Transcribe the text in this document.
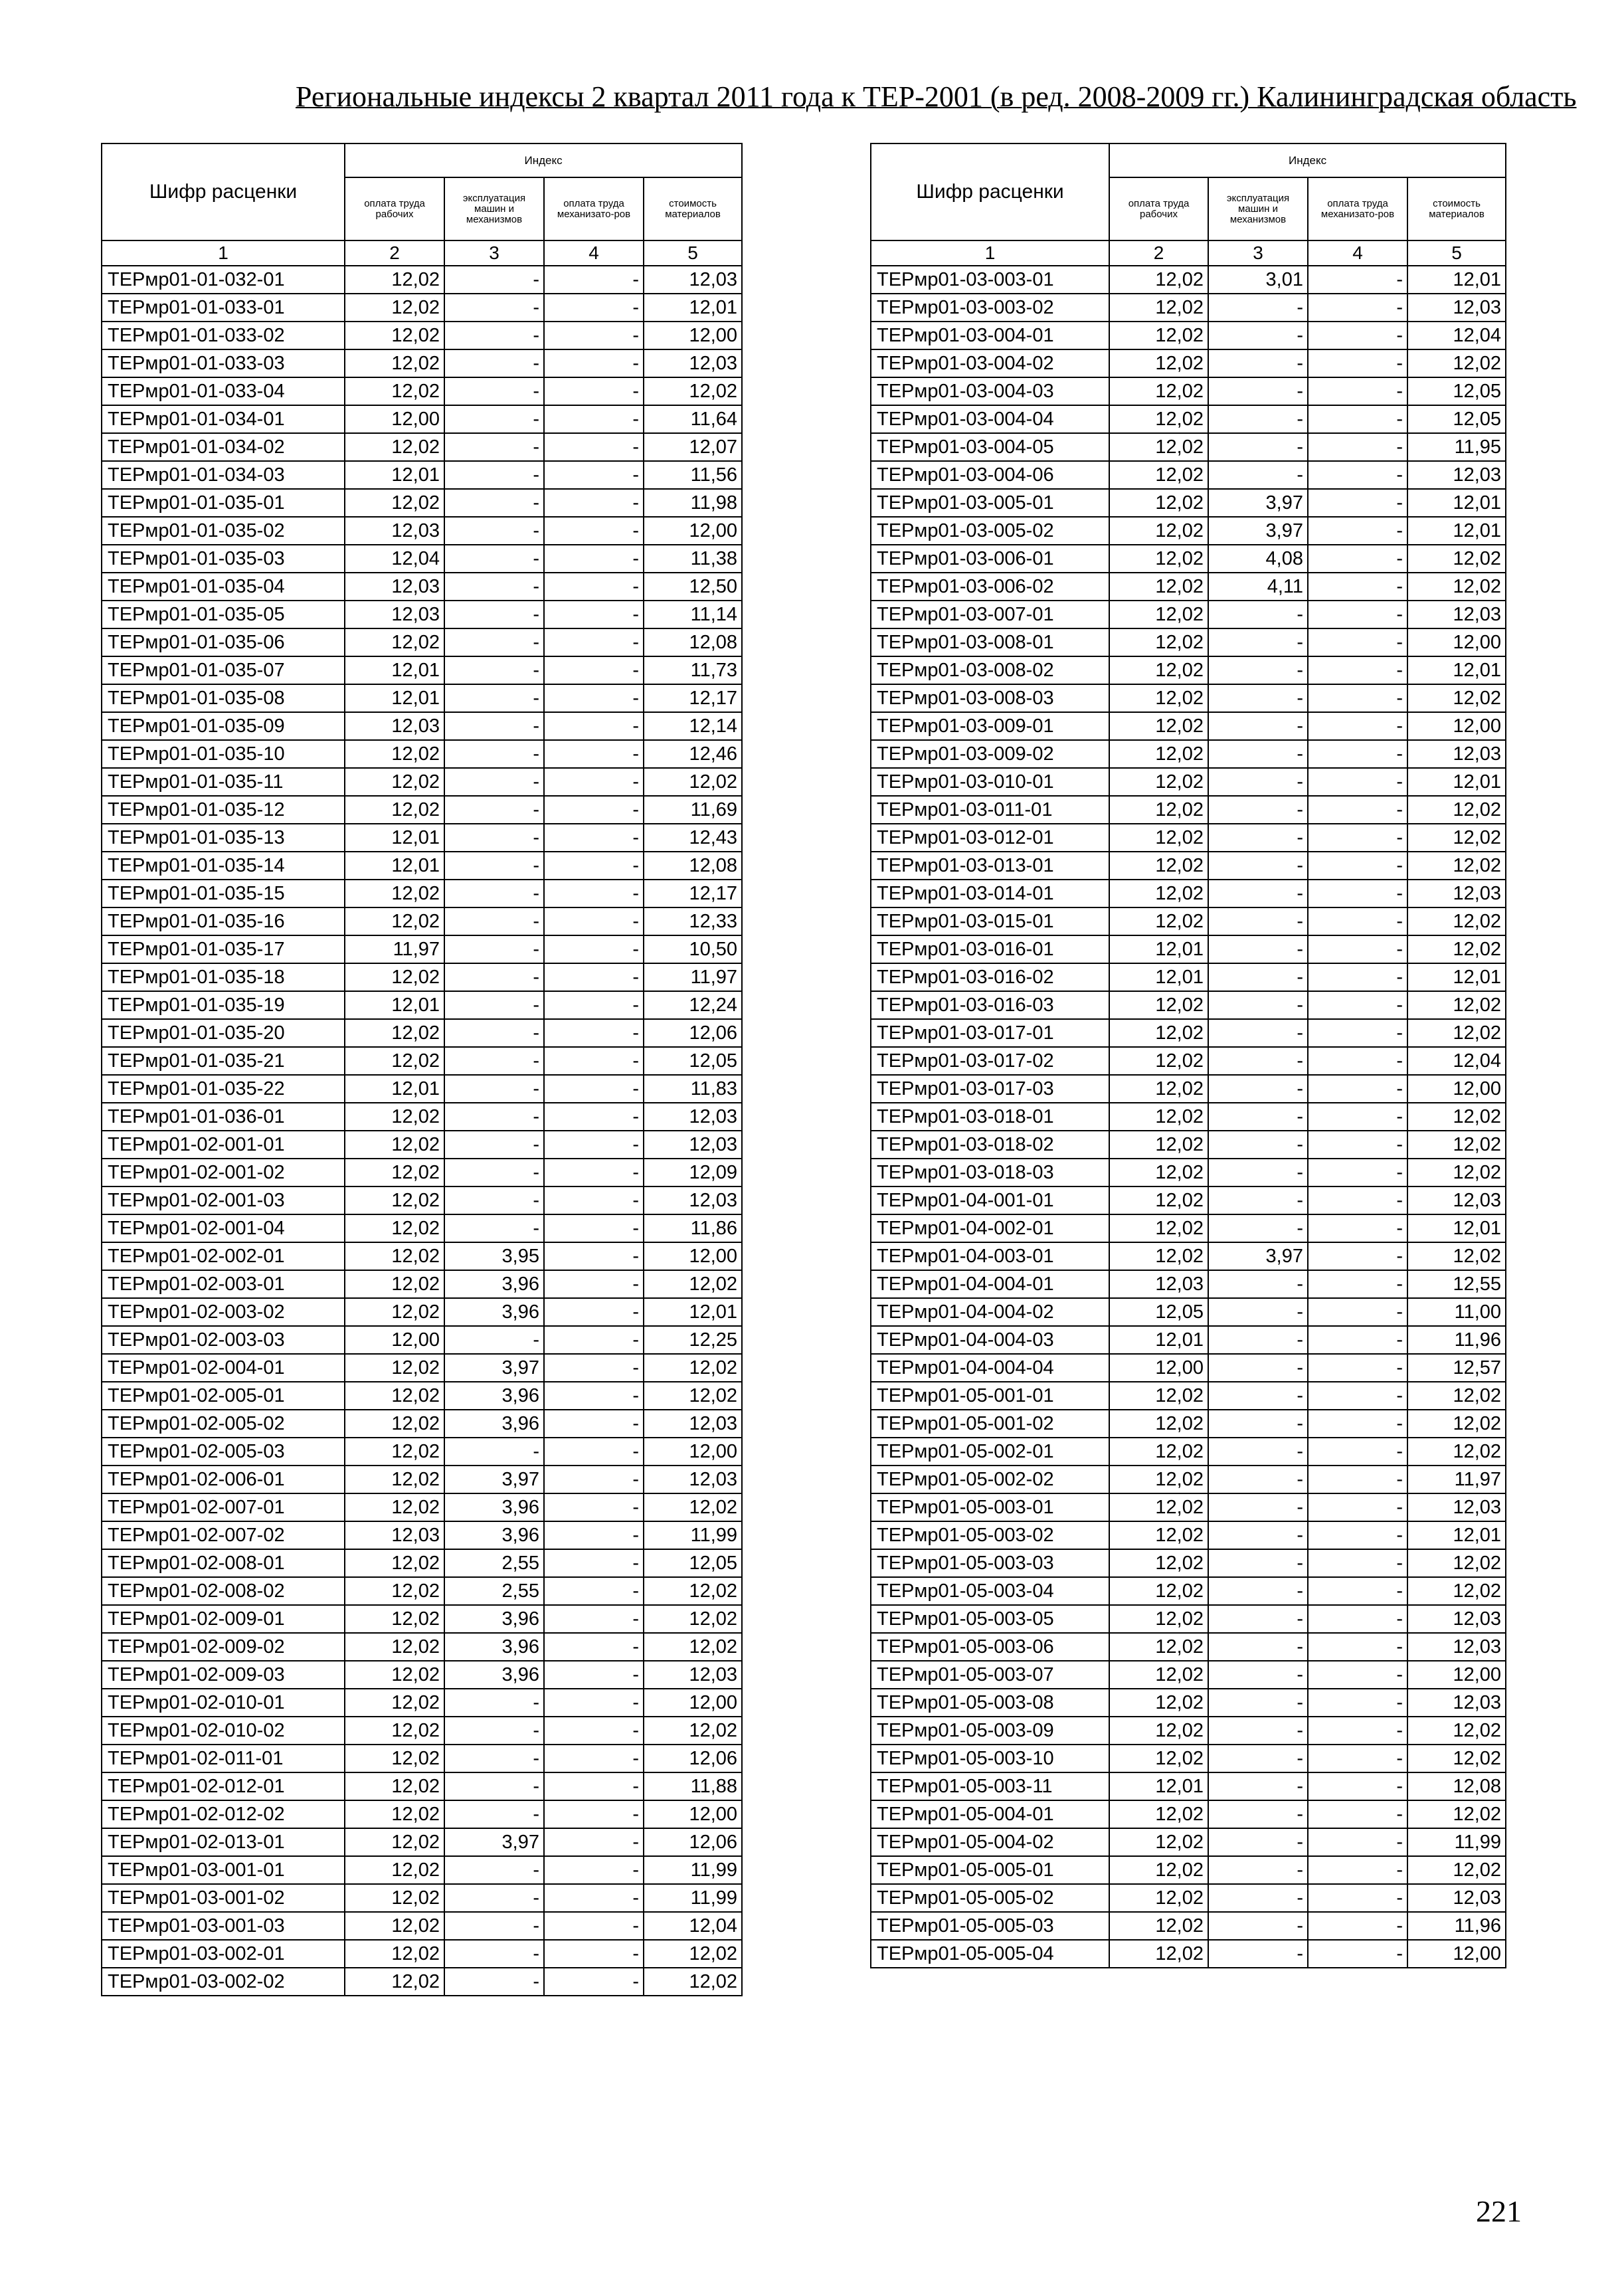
Региональные индексы 2 квартал 2011 года к ТЕР-2001 (в ред. 2008-2009 гг.) Калининградская область
Шифр расценки	Индекс			
	оплата труда рабочих	эксплуатация машин и механизмов	оплата труда механизато-ров	стоимость материалов
1	2	3	4	5
ТЕРмр01-01-032-01	12,02	-	-	12,03
ТЕРмр01-01-033-01	12,02	-	-	12,01
ТЕРмр01-01-033-02	12,02	-	-	12,00
ТЕРмр01-01-033-03	12,02	-	-	12,03
ТЕРмр01-01-033-04	12,02	-	-	12,02
ТЕРмр01-01-034-01	12,00	-	-	11,64
ТЕРмр01-01-034-02	12,02	-	-	12,07
ТЕРмр01-01-034-03	12,01	-	-	11,56
ТЕРмр01-01-035-01	12,02	-	-	11,98
ТЕРмр01-01-035-02	12,03	-	-	12,00
ТЕРмр01-01-035-03	12,04	-	-	11,38
ТЕРмр01-01-035-04	12,03	-	-	12,50
ТЕРмр01-01-035-05	12,03	-	-	11,14
ТЕРмр01-01-035-06	12,02	-	-	12,08
ТЕРмр01-01-035-07	12,01	-	-	11,73
ТЕРмр01-01-035-08	12,01	-	-	12,17
ТЕРмр01-01-035-09	12,03	-	-	12,14
ТЕРмр01-01-035-10	12,02	-	-	12,46
ТЕРмр01-01-035-11	12,02	-	-	12,02
ТЕРмр01-01-035-12	12,02	-	-	11,69
ТЕРмр01-01-035-13	12,01	-	-	12,43
ТЕРмр01-01-035-14	12,01	-	-	12,08
ТЕРмр01-01-035-15	12,02	-	-	12,17
ТЕРмр01-01-035-16	12,02	-	-	12,33
ТЕРмр01-01-035-17	11,97	-	-	10,50
ТЕРмр01-01-035-18	12,02	-	-	11,97
ТЕРмр01-01-035-19	12,01	-	-	12,24
ТЕРмр01-01-035-20	12,02	-	-	12,06
ТЕРмр01-01-035-21	12,02	-	-	12,05
ТЕРмр01-01-035-22	12,01	-	-	11,83
ТЕРмр01-01-036-01	12,02	-	-	12,03
ТЕРмр01-02-001-01	12,02	-	-	12,03
ТЕРмр01-02-001-02	12,02	-	-	12,09
ТЕРмр01-02-001-03	12,02	-	-	12,03
ТЕРмр01-02-001-04	12,02	-	-	11,86
ТЕРмр01-02-002-01	12,02	3,95	-	12,00
ТЕРмр01-02-003-01	12,02	3,96	-	12,02
ТЕРмр01-02-003-02	12,02	3,96	-	12,01
ТЕРмр01-02-003-03	12,00	-	-	12,25
ТЕРмр01-02-004-01	12,02	3,97	-	12,02
ТЕРмр01-02-005-01	12,02	3,96	-	12,02
ТЕРмр01-02-005-02	12,02	3,96	-	12,03
ТЕРмр01-02-005-03	12,02	-	-	12,00
ТЕРмр01-02-006-01	12,02	3,97	-	12,03
ТЕРмр01-02-007-01	12,02	3,96	-	12,02
ТЕРмр01-02-007-02	12,03	3,96	-	11,99
ТЕРмр01-02-008-01	12,02	2,55	-	12,05
ТЕРмр01-02-008-02	12,02	2,55	-	12,02
ТЕРмр01-02-009-01	12,02	3,96	-	12,02
ТЕРмр01-02-009-02	12,02	3,96	-	12,02
ТЕРмр01-02-009-03	12,02	3,96	-	12,03
ТЕРмр01-02-010-01	12,02	-	-	12,00
ТЕРмр01-02-010-02	12,02	-	-	12,02
ТЕРмр01-02-011-01	12,02	-	-	12,06
ТЕРмр01-02-012-01	12,02	-	-	11,88
ТЕРмр01-02-012-02	12,02	-	-	12,00
ТЕРмр01-02-013-01	12,02	3,97	-	12,06
ТЕРмр01-03-001-01	12,02	-	-	11,99
ТЕРмр01-03-001-02	12,02	-	-	11,99
ТЕРмр01-03-001-03	12,02	-	-	12,04
ТЕРмр01-03-002-01	12,02	-	-	12,02
ТЕРмр01-03-002-02	12,02	-	-	12,02
Шифр расценки	Индекс			
	оплата труда рабочих	эксплуатация машин и механизмов	оплата труда механизато-ров	стоимость материалов
1	2	3	4	5
ТЕРмр01-03-003-01	12,02	3,01	-	12,01
ТЕРмр01-03-003-02	12,02	-	-	12,03
ТЕРмр01-03-004-01	12,02	-	-	12,04
ТЕРмр01-03-004-02	12,02	-	-	12,02
ТЕРмр01-03-004-03	12,02	-	-	12,05
ТЕРмр01-03-004-04	12,02	-	-	12,05
ТЕРмр01-03-004-05	12,02	-	-	11,95
ТЕРмр01-03-004-06	12,02	-	-	12,03
ТЕРмр01-03-005-01	12,02	3,97	-	12,01
ТЕРмр01-03-005-02	12,02	3,97	-	12,01
ТЕРмр01-03-006-01	12,02	4,08	-	12,02
ТЕРмр01-03-006-02	12,02	4,11	-	12,02
ТЕРмр01-03-007-01	12,02	-	-	12,03
ТЕРмр01-03-008-01	12,02	-	-	12,00
ТЕРмр01-03-008-02	12,02	-	-	12,01
ТЕРмр01-03-008-03	12,02	-	-	12,02
ТЕРмр01-03-009-01	12,02	-	-	12,00
ТЕРмр01-03-009-02	12,02	-	-	12,03
ТЕРмр01-03-010-01	12,02	-	-	12,01
ТЕРмр01-03-011-01	12,02	-	-	12,02
ТЕРмр01-03-012-01	12,02	-	-	12,02
ТЕРмр01-03-013-01	12,02	-	-	12,02
ТЕРмр01-03-014-01	12,02	-	-	12,03
ТЕРмр01-03-015-01	12,02	-	-	12,02
ТЕРмр01-03-016-01	12,01	-	-	12,02
ТЕРмр01-03-016-02	12,01	-	-	12,01
ТЕРмр01-03-016-03	12,02	-	-	12,02
ТЕРмр01-03-017-01	12,02	-	-	12,02
ТЕРмр01-03-017-02	12,02	-	-	12,04
ТЕРмр01-03-017-03	12,02	-	-	12,00
ТЕРмр01-03-018-01	12,02	-	-	12,02
ТЕРмр01-03-018-02	12,02	-	-	12,02
ТЕРмр01-03-018-03	12,02	-	-	12,02
ТЕРмр01-04-001-01	12,02	-	-	12,03
ТЕРмр01-04-002-01	12,02	-	-	12,01
ТЕРмр01-04-003-01	12,02	3,97	-	12,02
ТЕРмр01-04-004-01	12,03	-	-	12,55
ТЕРмр01-04-004-02	12,05	-	-	11,00
ТЕРмр01-04-004-03	12,01	-	-	11,96
ТЕРмр01-04-004-04	12,00	-	-	12,57
ТЕРмр01-05-001-01	12,02	-	-	12,02
ТЕРмр01-05-001-02	12,02	-	-	12,02
ТЕРмр01-05-002-01	12,02	-	-	12,02
ТЕРмр01-05-002-02	12,02	-	-	11,97
ТЕРмр01-05-003-01	12,02	-	-	12,03
ТЕРмр01-05-003-02	12,02	-	-	12,01
ТЕРмр01-05-003-03	12,02	-	-	12,02
ТЕРмр01-05-003-04	12,02	-	-	12,02
ТЕРмр01-05-003-05	12,02	-	-	12,03
ТЕРмр01-05-003-06	12,02	-	-	12,03
ТЕРмр01-05-003-07	12,02	-	-	12,00
ТЕРмр01-05-003-08	12,02	-	-	12,03
ТЕРмр01-05-003-09	12,02	-	-	12,02
ТЕРмр01-05-003-10	12,02	-	-	12,02
ТЕРмр01-05-003-11	12,01	-	-	12,08
ТЕРмр01-05-004-01	12,02	-	-	12,02
ТЕРмр01-05-004-02	12,02	-	-	11,99
ТЕРмр01-05-005-01	12,02	-	-	12,02
ТЕРмр01-05-005-02	12,02	-	-	12,03
ТЕРмр01-05-005-03	12,02	-	-	11,96
ТЕРмр01-05-005-04	12,02	-	-	12,00
221
